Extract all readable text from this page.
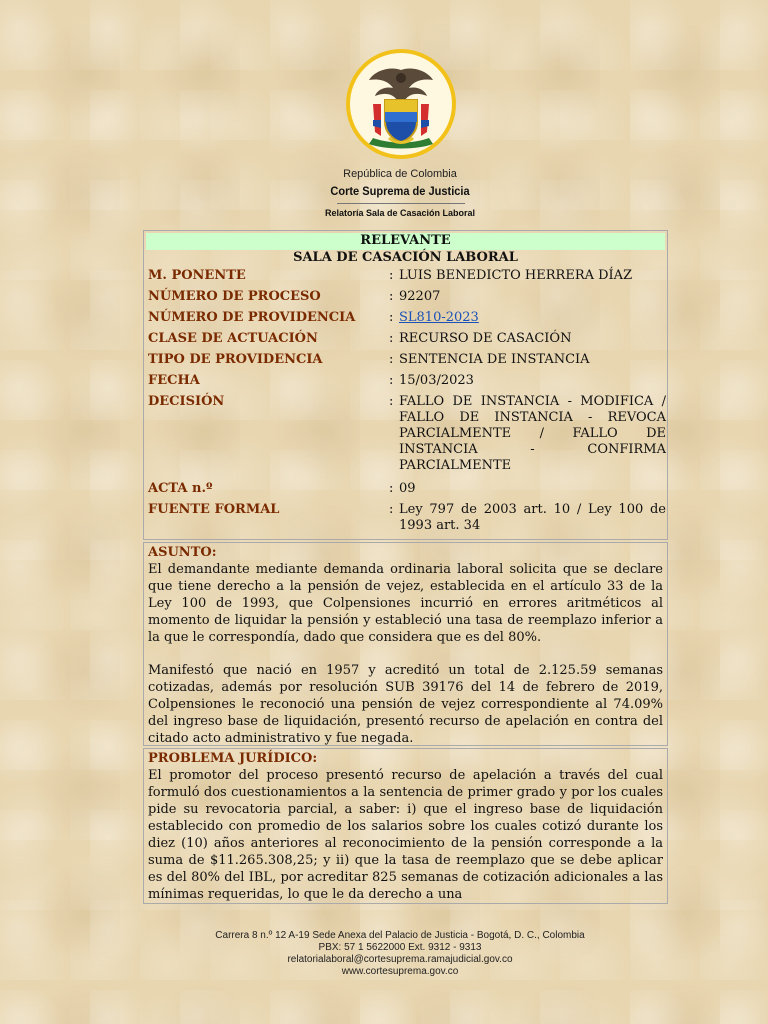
República de Colombia
Corte Suprema de Justicia
Relatoría Sala de Casación Laboral
RELEVANTE
SALA DE CASACIÓN LABORAL
M. PONENTE	: LUIS BENEDICTO HERRERA DÍAZ
NÚMERO DE PROCESO	: 92207
NÚMERO DE PROVIDENCIA	: SL810-2023
CLASE DE ACTUACIÓN	: RECURSO DE CASACIÓN
TIPO DE PROVIDENCIA	: SENTENCIA DE INSTANCIA
FECHA	: 15/03/2023
DECISIÓN	: FALLO DE INSTANCIA - MODIFICA / FALLO DE INSTANCIA - REVOCA PARCIALMENTE / FALLO DE INSTANCIA - CONFIRMA PARCIALMENTE
ACTA n.º	: 09
FUENTE FORMAL	: Ley 797 de 2003 art. 10 / Ley 100 de 1993 art. 34
ASUNTO:

El demandante mediante demanda ordinaria laboral solicita que se declare que tiene derecho a la pensión de vejez, establecida en el artículo 33 de la Ley 100 de 1993, que Colpensiones incurrió en errores aritméticos al momento de liquidar la pensión y estableció una tasa de reemplazo inferior a la que le correspondía, dado que considera que es del 80%.

Manifestó que nació en 1957 y acreditó un total de 2.125.59 semanas cotizadas, además por resolución SUB 39176 del 14 de febrero de 2019, Colpensiones le reconoció una pensión de vejez correspondiente al 74.09% del ingreso base de liquidación, presentó recurso de apelación en contra del citado acto administrativo y fue negada.

PROBLEMA JURÍDICO:

El promotor del proceso presentó recurso de apelación a través del cual formuló dos cuestionamientos a la sentencia de primer grado y por los cuales pide su revocatoria parcial, a saber: i) que el ingreso base de liquidación establecido con promedio de los salarios sobre los cuales cotizó durante los diez (10) años anteriores al reconocimiento de la pensión corresponde a la suma de $11.265.308,25; y ii) que la tasa de reemplazo que se debe aplicar es del 80% del IBL, por acreditar 825 semanas de cotización adicionales a las mínimas requeridas, lo que le da derecho a una

Carrera 8 n.º 12 A-19 Sede Anexa del Palacio de Justicia - Bogotá, D. C., Colombia
PBX: 57 1 5622000 Ext. 9312 - 9313
relatorialaboral@cortesuprema.ramajudicial.gov.co
www.cortesuprema.gov.co
